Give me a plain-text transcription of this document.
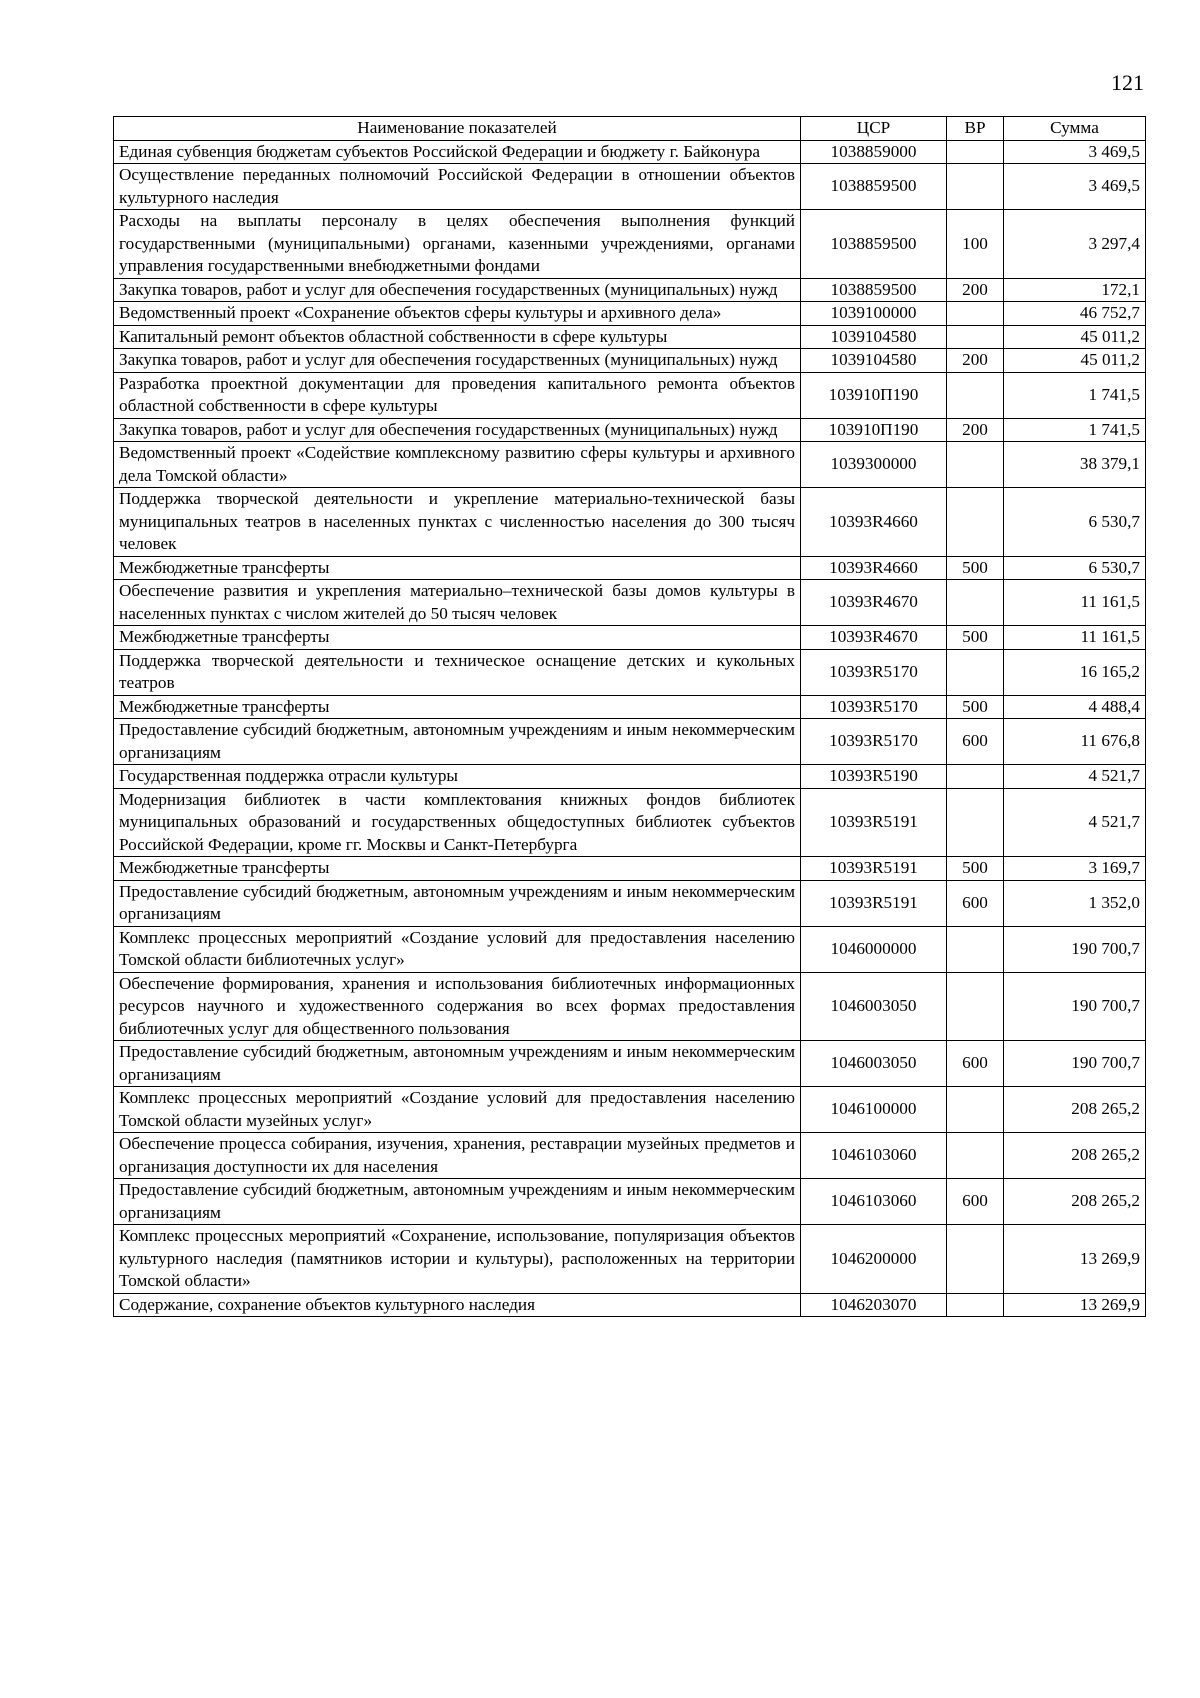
121
Наименование показателей	ЦСР	ВР	Сумма
Единая субвенция бюджетам субъектов Российской Федерации и бюджету г. Байконура	1038859000		3 469,5
Осуществление переданных полномочий Российской Федерации в отношении объектов культурного наследия	1038859500		3 469,5
Расходы на выплаты персоналу в целях обеспечения выполнения функций государственными (муниципальными) органами, казенными учреждениями, органами управления государственными внебюджетными фондами	1038859500	100	3 297,4
Закупка товаров, работ и услуг для обеспечения государственных (муниципальных) нужд	1038859500	200	172,1
Ведомственный проект «Сохранение объектов сферы культуры и архивного дела»	1039100000		46 752,7
Капитальный ремонт объектов областной собственности в сфере культуры	1039104580		45 011,2
Закупка товаров, работ и услуг для обеспечения государственных (муниципальных) нужд	1039104580	200	45 011,2
Разработка проектной документации для проведения капитального ремонта объектов областной собственности в сфере культуры	103910П190		1 741,5
Закупка товаров, работ и услуг для обеспечения государственных (муниципальных) нужд	103910П190	200	1 741,5
Ведомственный проект «Содействие комплексному развитию сферы культуры и архивного дела Томской области»	1039300000		38 379,1
Поддержка творческой деятельности и укрепление материально-технической базы муниципальных театров в населенных пунктах с численностью населения до 300 тысяч человек	10393R4660		6 530,7
Межбюджетные трансферты	10393R4660	500	6 530,7
Обеспечение развития и укрепления материально–технической базы домов культуры в населенных пунктах с числом жителей до 50 тысяч человек	10393R4670		11 161,5
Межбюджетные трансферты	10393R4670	500	11 161,5
Поддержка творческой деятельности и техническое оснащение детских и кукольных театров	10393R5170		16 165,2
Межбюджетные трансферты	10393R5170	500	4 488,4
Предоставление субсидий бюджетным, автономным учреждениям и иным некоммерческим организациям	10393R5170	600	11 676,8
Государственная поддержка отрасли культуры	10393R5190		4 521,7
Модернизация библиотек в части комплектования книжных фондов библиотек муниципальных образований и государственных общедоступных библиотек субъектов Российской Федерации, кроме гг. Москвы и Санкт-Петербурга	10393R5191		4 521,7
Межбюджетные трансферты	10393R5191	500	3 169,7
Предоставление субсидий бюджетным, автономным учреждениям и иным некоммерческим организациям	10393R5191	600	1 352,0
Комплекс процессных мероприятий «Создание условий для предоставления населению Томской области библиотечных услуг»	1046000000		190 700,7
Обеспечение формирования, хранения и использования библиотечных информационных ресурсов научного и художественного содержания во всех формах предоставления библиотечных услуг для общественного пользования	1046003050		190 700,7
Предоставление субсидий бюджетным, автономным учреждениям и иным некоммерческим организациям	1046003050	600	190 700,7
Комплекс процессных мероприятий «Создание условий для предоставления населению Томской области музейных услуг»	1046100000		208 265,2
Обеспечение процесса собирания, изучения, хранения, реставрации музейных предметов и организация доступности их для населения	1046103060		208 265,2
Предоставление субсидий бюджетным, автономным учреждениям и иным некоммерческим организациям	1046103060	600	208 265,2
Комплекс процессных мероприятий «Сохранение, использование, популяризация объектов культурного наследия (памятников истории и культуры), расположенных на территории Томской области»	1046200000		13 269,9
Содержание, сохранение объектов культурного наследия	1046203070		13 269,9
